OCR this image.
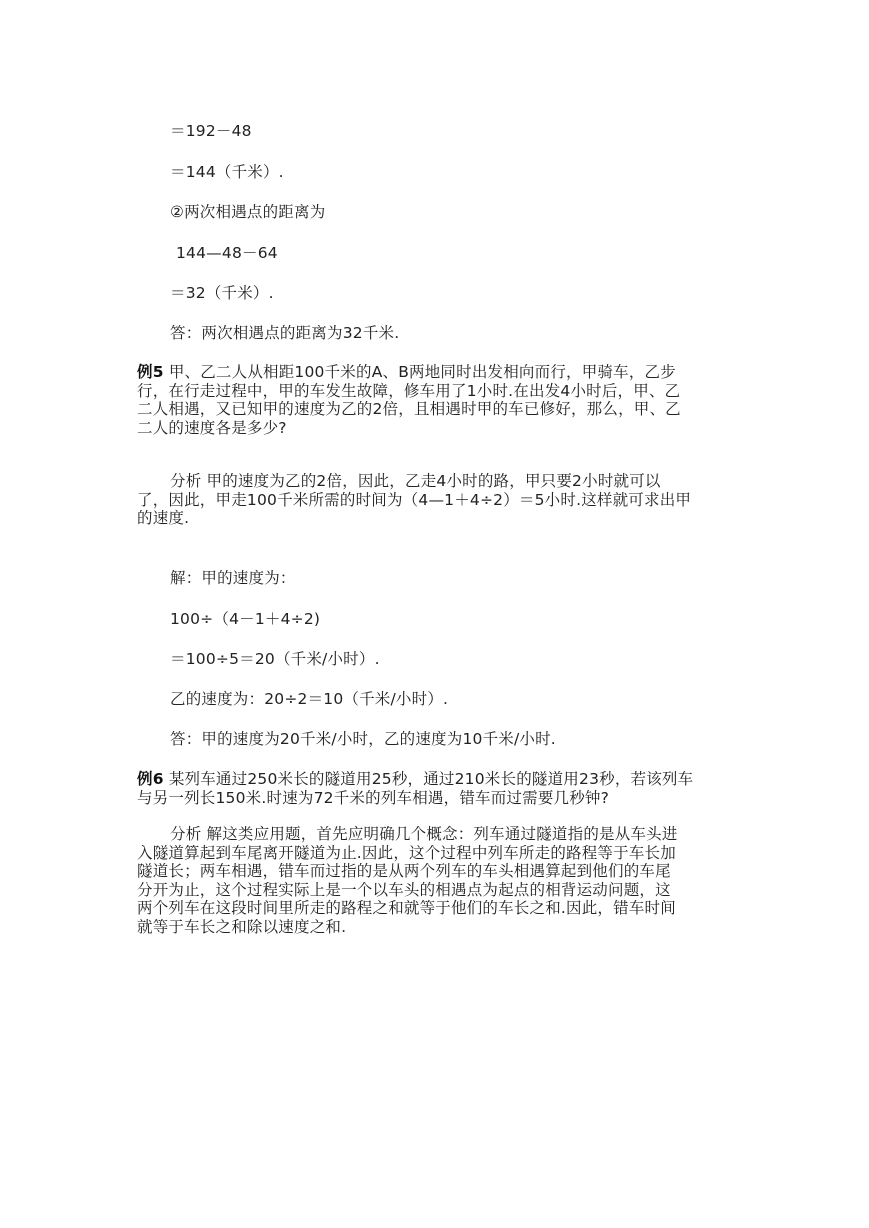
＝192－48
＝144（千米）.
②两次相遇点的距离为
144—48－64
＝32（千米）.
答：两次相遇点的距离为32千米.
例5 甲、乙二人从相距100千米的A、B两地同时出发相向而行，甲骑车，乙步
行，在行走过程中，甲的车发生故障，修车用了1小时.在出发4小时后，甲、乙
二人相遇，又已知甲的速度为乙的2倍，且相遇时甲的车已修好，那么，甲、乙
二人的速度各是多少?
分析 甲的速度为乙的2倍，因此，乙走4小时的路，甲只要2小时就可以
了，因此，甲走100千米所需的时间为（4—1＋4÷2）＝5小时.这样就可求出甲
的速度.
解：甲的速度为：
100÷（4－1＋4÷2)
＝100÷5＝20（千米/小时）.
乙的速度为：20÷2＝10（千米/小时）.
答：甲的速度为20千米/小时，乙的速度为10千米/小时.
例6 某列车通过250米长的隧道用25秒，通过210米长的隧道用23秒，若该列车
与另一列长150米.时速为72千米的列车相遇，错车而过需要几秒钟?
分析 解这类应用题，首先应明确几个概念：列车通过隧道指的是从车头进
入隧道算起到车尾离开隧道为止.因此，这个过程中列车所走的路程等于车长加
隧道长；两车相遇，错车而过指的是从两个列车的车头相遇算起到他们的车尾
分开为止，这个过程实际上是一个以车头的相遇点为起点的相背运动问题，这
两个列车在这段时间里所走的路程之和就等于他们的车长之和.因此，错车时间
就等于车长之和除以速度之和.
